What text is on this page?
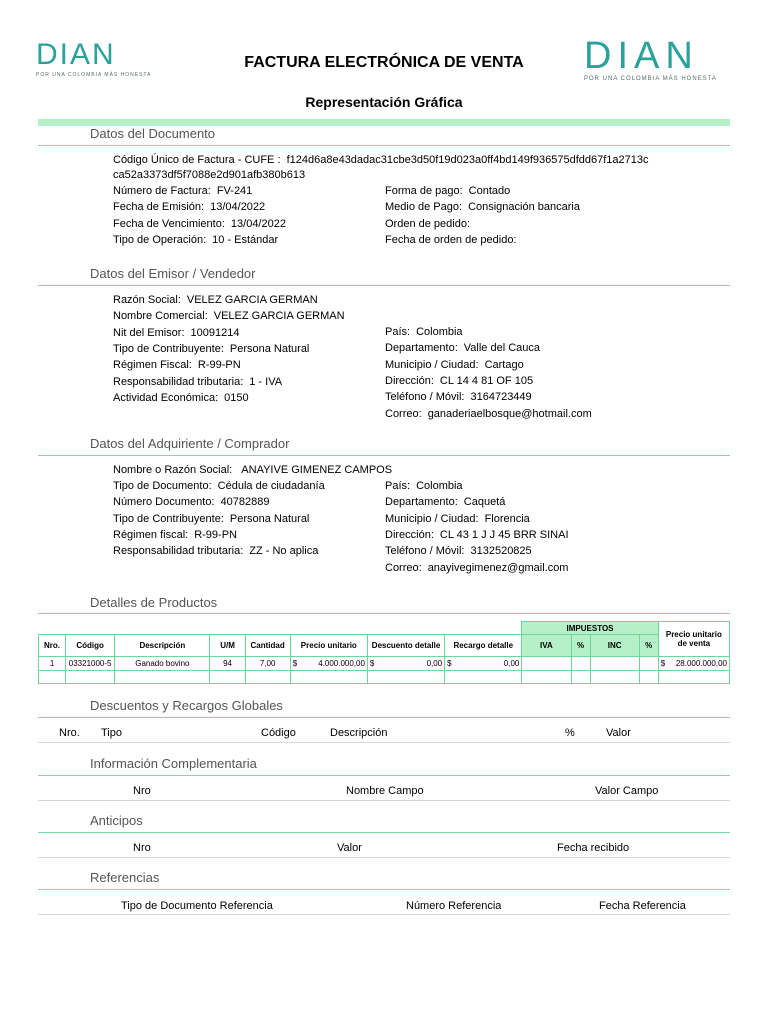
DIAN
POR UNA COLOMBIA MÁS HONESTA	DIAN
POR UNA COLOMBIA MÁS HONESTA
FACTURA ELECTRÓNICA DE VENTA
Representación Gráfica
Datos del Documento
Código Único de Factura - CUFE : f124d6a8e43dadac31cbe3d50f19d023a0ff4bd149f936575dfdd67f1a2713c
ca52a3373df5f7088e2d901afb380b613
Datos del Emisor / Vendedor
Datos del Adquiriente / Comprador
Nombre o Razón Social: ANAYIVE GIMENEZ CAMPOS
Detalles de Productos
								IMPUESTOS				Precio unitario de venta
Nro.	Código	Descripción	U/M	Cantidad	Precio unitario	Descuento detalle	Recargo detalle	IVA	%	INC	%	
1	03321000-5	Ganado bovino	94	7,00	$ 4.000.000,00	$ 0,00	$ 0,00					$ 28.000.000,00

Descuentos y Recargos Globales
Nro. Tipo	Código	Descripción	%	Valor
Información Complementaria
Nro	Nombre Campo	Valor Campo
Anticipos
Nro	Valor	Fecha recibido
Referencias
Tipo de Documento Referencia	Número Referencia	Fecha Referencia
Número de Factura: FV-241
Fecha de Emisión: 13/04/2022
Fecha de Vencimiento: 13/04/2022
Tipo de Operación: 10 - Estándar
Forma de pago: Contado
Medio de Pago: Consignación bancaria
Orden de pedido:
Fecha de orden de pedido:
Razón Social: VELEZ GARCIA GERMAN
Nombre Comercial: VELEZ GARCIA GERMAN
Nit del Emisor: 10091214
Tipo de Contribuyente: Persona Natural
Régimen Fiscal: R-99-PN
Responsabilidad tributaria: 1 - IVA
Actividad Económica: 0150
País: Colombia
Departamento: Valle del Cauca
Municipio / Ciudad: Cartago
Dirección: CL 14 4 81 OF 105
Teléfono / Móvil: 3164723449
Correo: ganaderiaelbosque@hotmail.com
Tipo de Documento: Cédula de ciudadanía
Número Documento: 40782889
Tipo de Contribuyente: Persona Natural
Régimen fiscal: R-99-PN
Responsabilidad tributaria: ZZ - No aplica
País: Colombia
Departamento: Caquetá
Municipio / Ciudad: Florencia
Dirección: CL 43 1 J J 45 BRR SINAI
Teléfono / Móvil: 3132520825
Correo: anayivegimenez@gmail.com
